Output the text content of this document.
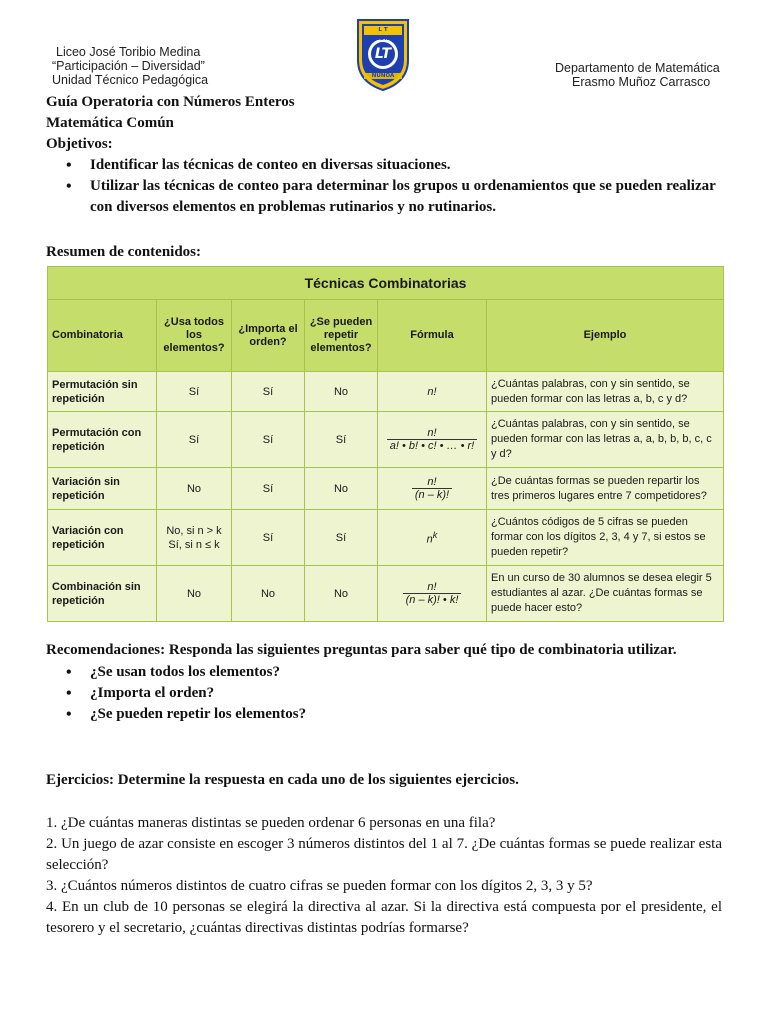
Liceo José Toribio Medina
“Participación – Diversidad”
Unidad Técnico Pedagógica
L T MEDINA
LT
ÑUÑOA
Departamento de Matemática
Erasmo Muñoz Carrasco
Guía Operatoria con Números Enteros
Matemática Común
Objetivos:
• Identificar las técnicas de conteo en diversas situaciones.
• Utilizar las técnicas de conteo para determinar los grupos u ordenamientos que se pueden realizar con diversos elementos en problemas rutinarios y no rutinarios.
Resumen de contenidos:
Técnicas Combinatorias					
Combinatoria	¿Usa todos los elementos?	¿Importa el orden?	¿Se pueden repetir elementos?	Fórmula	Ejemplo
Permutación sin repetición	Sí	Sí	No	n!	¿Cuántas palabras, con y sin sentido, se pueden formar con las letras a, b, c y d?
Permutación con repetición	Sí	Sí	Sí	$\frac{n!}{a! • b! • c! • \dots • r!}$	¿Cuántas palabras, con y sin sentido, se pueden formar con las letras a, a, b, b, b, c, c y d?
Variación sin repetición	No	Sí	No	$\frac{n!}{(n - k)!}$	¿De cuántas formas se pueden repartir los tres primeros lugares entre 7 competidores?
Variación con repetición	No, si n > k
Sí, si n ≤ k	Sí	Sí	$n^k$	¿Cuántos códigos de 5 cifras se pueden formar con los dígitos 2, 3, 4 y 7, si estos se pueden repetir?
Combinación sin repetición	No	No	No	$\frac{n!}{(n - k)! • k!}$	En un curso de 30 alumnos se desea elegir 5 estudiantes al azar. ¿De cuántas formas se puede hacer esto?
Recomendaciones: Responda las siguientes preguntas para saber qué tipo de combinatoria utilizar.
• ¿Se usan todos los elementos?
• ¿Importa el orden?
• ¿Se pueden repetir los elementos?
Ejercicios: Determine la respuesta en cada uno de los siguientes ejercicios.
1. ¿De cuántas maneras distintas se pueden ordenar 6 personas en una fila?
2. Un juego de azar consiste en escoger 3 números distintos del 1 al 7. ¿De cuántas formas se puede realizar esta selección?
3. ¿Cuántos números distintos de cuatro cifras se pueden formar con los dígitos 2, 3, 3 y 5?
4. En un club de 10 personas se elegirá la directiva al azar. Si la directiva está compuesta por el presidente, el tesorero y el secretario, ¿cuántas directivas distintas podrías formarse?
